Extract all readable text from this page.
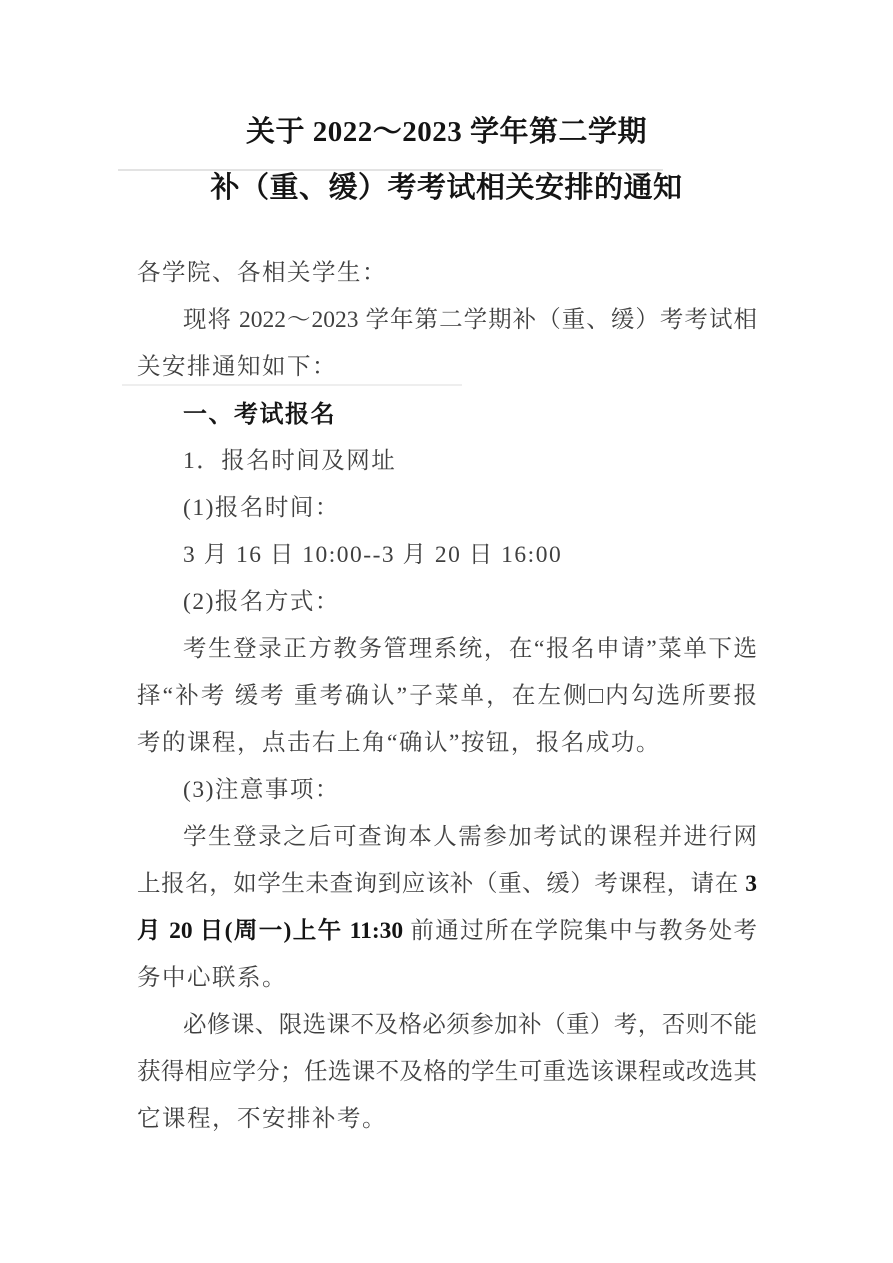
关于 2022～2023 学年第二学期
补（重、缓）考考试相关安排的通知

各学院、各相关学生：

现将 2022～2023 学年第二学期补（重、缓）考考试相

关安排通知如下：

一、考试报名

1．报名时间及网址

(1)报名时间：

3 月 16 日 10:00--3 月 20 日 16:00

(2)报名方式：

考生登录正方教务管理系统，在“报名申请”菜单下选

择“补考 缓考 重考确认”子菜单，在左侧□内勾选所要报

考的课程，点击右上角“确认”按钮，报名成功。

(3)注意事项：

学生登录之后可查询本人需参加考试的课程并进行网

上报名，如学生未查询到应该补（重、缓）考课程，请在 3

月 20 日(周一)上午 11:30 前通过所在学院集中与教务处考

务中心联系。

必修课、限选课不及格必须参加补（重）考，否则不能

获得相应学分；任选课不及格的学生可重选该课程或改选其

它课程，不安排补考。
